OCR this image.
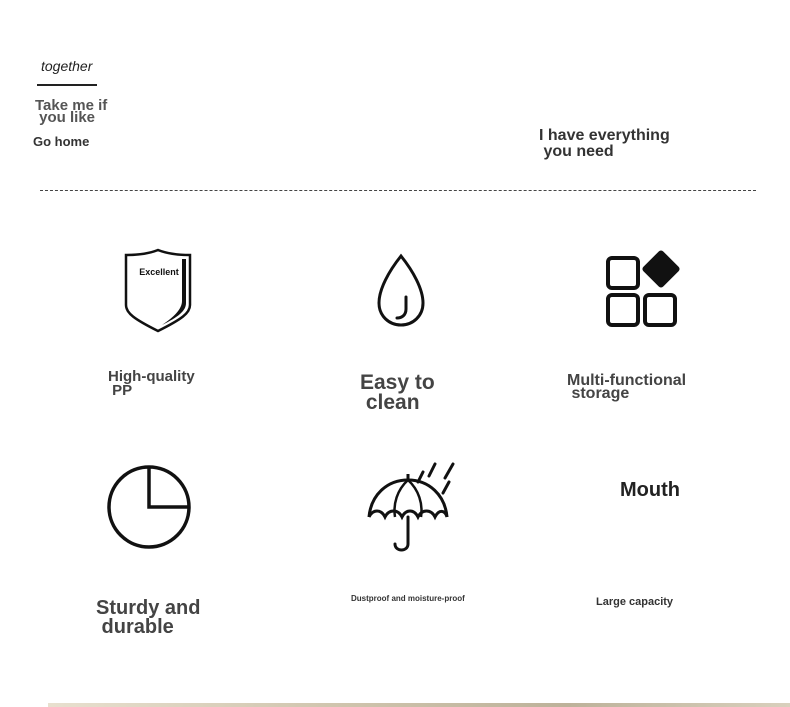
together
Take me if
you like
Go home	I have everything
you need
Excellent
High-quality
PP	Easy to
clean
Multi-functional
storage
Mouth
Sturdy and
durable
Dustproof and moisture-proof	Large capacity
